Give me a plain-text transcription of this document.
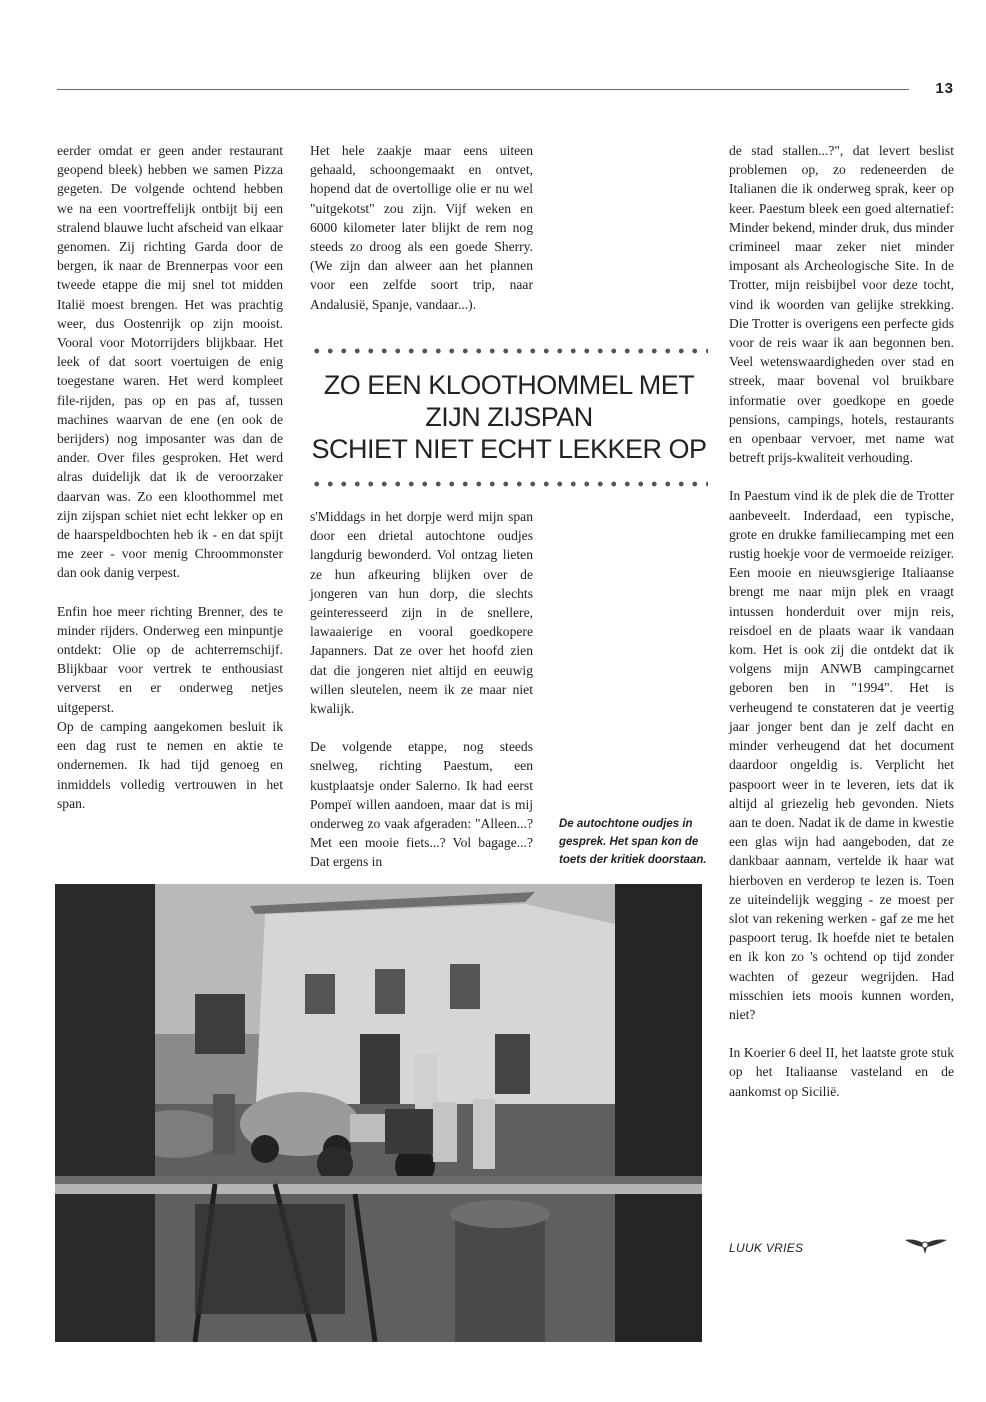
13

eerder omdat er geen ander restaurant geopend bleek) hebben we samen Pizza gegeten. De volgende ochtend hebben we na een voortreffelijk ontbijt bij een stralend blauwe lucht afscheid van elkaar genomen. Zij richting Garda door de bergen, ik naar de Brennerpas voor een tweede etappe die mij snel tot midden Italië moest brengen. Het was prachtig weer, dus Oostenrijk op zijn mooist. Vooral voor Motorrijders blijkbaar. Het leek of dat soort voertuigen de enig toegestane waren. Het werd kompleet file-rijden, pas op en pas af, tussen machines waarvan de ene (en ook de berijders) nog imposanter was dan de ander. Over files gesproken. Het werd alras duidelijk dat ik de veroorzaker daarvan was. Zo een kloothommel met zijn zijspan schiet niet echt lekker op en de haarspeldbochten heb ik - en dat spijt me zeer - voor menig Chroommonster dan ook danig verpest.

Enfin hoe meer richting Brenner, des te minder rijders. Onderweg een minpuntje ontdekt: Olie op de achterremschijf. Blijkbaar voor vertrek te enthousiast ververst en er onderweg netjes uitgeperst.

Op de camping aangekomen besluit ik een dag rust te nemen en aktie te ondernemen. Ik had tijd genoeg en inmiddels volledig vertrouwen in het span.

Het hele zaakje maar eens uiteen gehaald, schoongemaakt en ontvet, hopend dat de overtollige olie er nu wel "uitgekotst" zou zijn. Vijf weken en 6000 kilometer later blijkt de rem nog steeds zo droog als een goede Sherry. (We zijn dan alweer aan het plannen voor een zelfde soort trip, naar Andalusië, Spanje, vandaar...).

ZO EEN KLOOTHOMMEL MET
ZIJN ZIJSPAN
SCHIET NIET ECHT LEKKER OP

s'Middags in het dorpje werd mijn span door een drietal autochtone oudjes langdurig bewonderd. Vol ontzag lieten ze hun afkeuring blijken over de jongeren van hun dorp, die slechts geinteresseerd zijn in de snellere, lawaaierige en vooral goedkopere Japanners. Dat ze over het hoofd zien dat die jongeren niet altijd en eeuwig willen sleutelen, neem ik ze maar niet kwalijk.

De volgende etappe, nog steeds snelweg, richting Paestum, een kustplaatsje onder Salerno. Ik had eerst Pompeï willen aandoen, maar dat is mij onderweg zo vaak afgeraden: "Alleen...? Met een mooie fiets...? Vol bagage...? Dat ergens in

De autochtone oudjes in
gesprek. Het span kon de
toets der kritiek doorstaan.

de stad stallen...?", dat levert beslist problemen op, zo redeneerden de Italianen die ik onderweg sprak, keer op keer. Paestum bleek een goed alternatief: Minder bekend, minder druk, dus minder crimineel maar zeker niet minder imposant als Archeologische Site. In de Trotter, mijn reisbijbel voor deze tocht, vind ik woorden van gelijke strekking. Die Trotter is overigens een perfecte gids voor de reis waar ik aan begonnen ben. Veel wetenswaardigheden over stad en streek, maar bovenal vol bruikbare informatie over goedkope en goede pensions, campings, hotels, restaurants en openbaar vervoer, met name wat betreft prijs-kwaliteit verhouding.

In Paestum vind ik de plek die de Trotter aanbeveelt. Inderdaad, een typische, grote en drukke familiecamping met een rustig hoekje voor de vermoeide reiziger. Een mooie en nieuwsgierige Italiaanse brengt me naar mijn plek en vraagt intussen honderduit over mijn reis, reisdoel en de plaats waar ik vandaan kom. Het is ook zij die ontdekt dat ik volgens mijn ANWB campingcarnet geboren ben in "1994". Het is verheugend te constateren dat je veertig jaar jonger bent dan je zelf dacht en minder verheugend dat het document daardoor ongeldig is. Verplicht het paspoort weer in te leveren, iets dat ik altijd al griezelig heb gevonden. Niets aan te doen. Nadat ik de dame in kwestie een glas wijn had aangeboden, dat ze dankbaar aannam, vertelde ik haar wat hierboven en verderop te lezen is. Toen ze uiteindelijk wegging - ze moest per slot van rekening werken - gaf ze me het paspoort terug. Ik hoefde niet te betalen en ik kon zo 's ochtend op tijd zonder wachten of gezeur wegrijden. Had misschien iets moois kunnen worden, niet?

In Koerier 6 deel II, het laatste grote stuk op het Italiaanse vasteland en de aankomst op Sicilië.

LUUK VRIES
